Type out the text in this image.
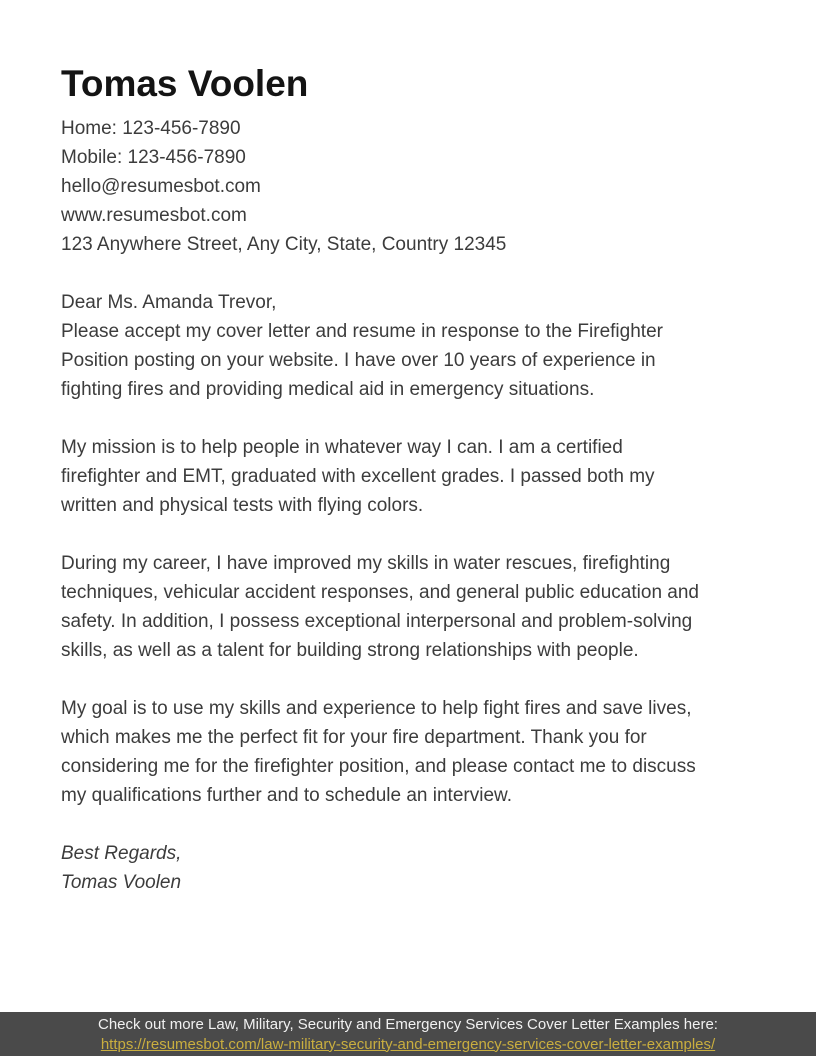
Tomas Voolen
Home: 123-456-7890
Mobile: 123-456-7890
hello@resumesbot.com
www.resumesbot.com
123 Anywhere Street, Any City, State, Country 12345

Dear Ms. Amanda Trevor,

Please accept my cover letter and resume in response to the Firefighter Position posting on your website. I have over 10 years of experience in fighting fires and providing medical aid in emergency situations.

My mission is to help people in whatever way I can. I am a certified firefighter and EMT, graduated with excellent grades. I passed both my written and physical tests with flying colors.

During my career, I have improved my skills in water rescues, firefighting techniques, vehicular accident responses, and general public education and safety. In addition, I possess exceptional interpersonal and problem-solving skills, as well as a talent for building strong relationships with people.

My goal is to use my skills and experience to help fight fires and save lives, which makes me the perfect fit for your fire department. Thank you for considering me for the firefighter position, and please contact me to discuss my qualifications further and to schedule an interview.

Best Regards,
Tomas Voolen
Check out more Law, Military, Security and Emergency Services Cover Letter Examples here:
https://resumesbot.com/law-military-security-and-emergency-services-cover-letter-examples/
